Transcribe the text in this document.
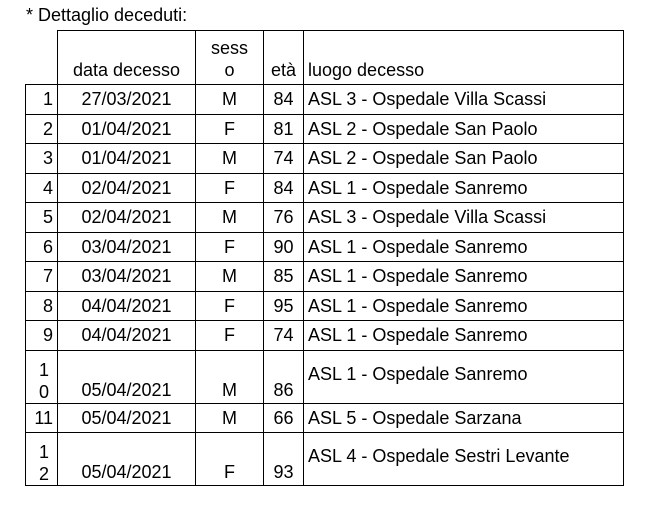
* Dettaglio deceduti:
	data decesso	sess
o	età	luogo decesso
1	27/03/2021	M	84	ASL 3 - Ospedale Villa Scassi
2	01/04/2021	F	81	ASL 2 - Ospedale San Paolo
3	01/04/2021	M	74	ASL 2 - Ospedale San Paolo
4	02/04/2021	F	84	ASL 1 - Ospedale Sanremo
5	02/04/2021	M	76	ASL 3 - Ospedale Villa Scassi
6	03/04/2021	F	90	ASL 1 - Ospedale Sanremo
7	03/04/2021	M	85	ASL 1 - Ospedale Sanremo
8	04/04/2021	F	95	ASL 1 - Ospedale Sanremo
9	04/04/2021	F	74	ASL 1 - Ospedale Sanremo

1
0	05/04/2021	M	86	ASL 1 - Ospedale Sanremo
11	05/04/2021	M	66	ASL 5 - Ospedale Sarzana

1
2	05/04/2021	F	93	ASL 4 - Ospedale Sestri Levante
